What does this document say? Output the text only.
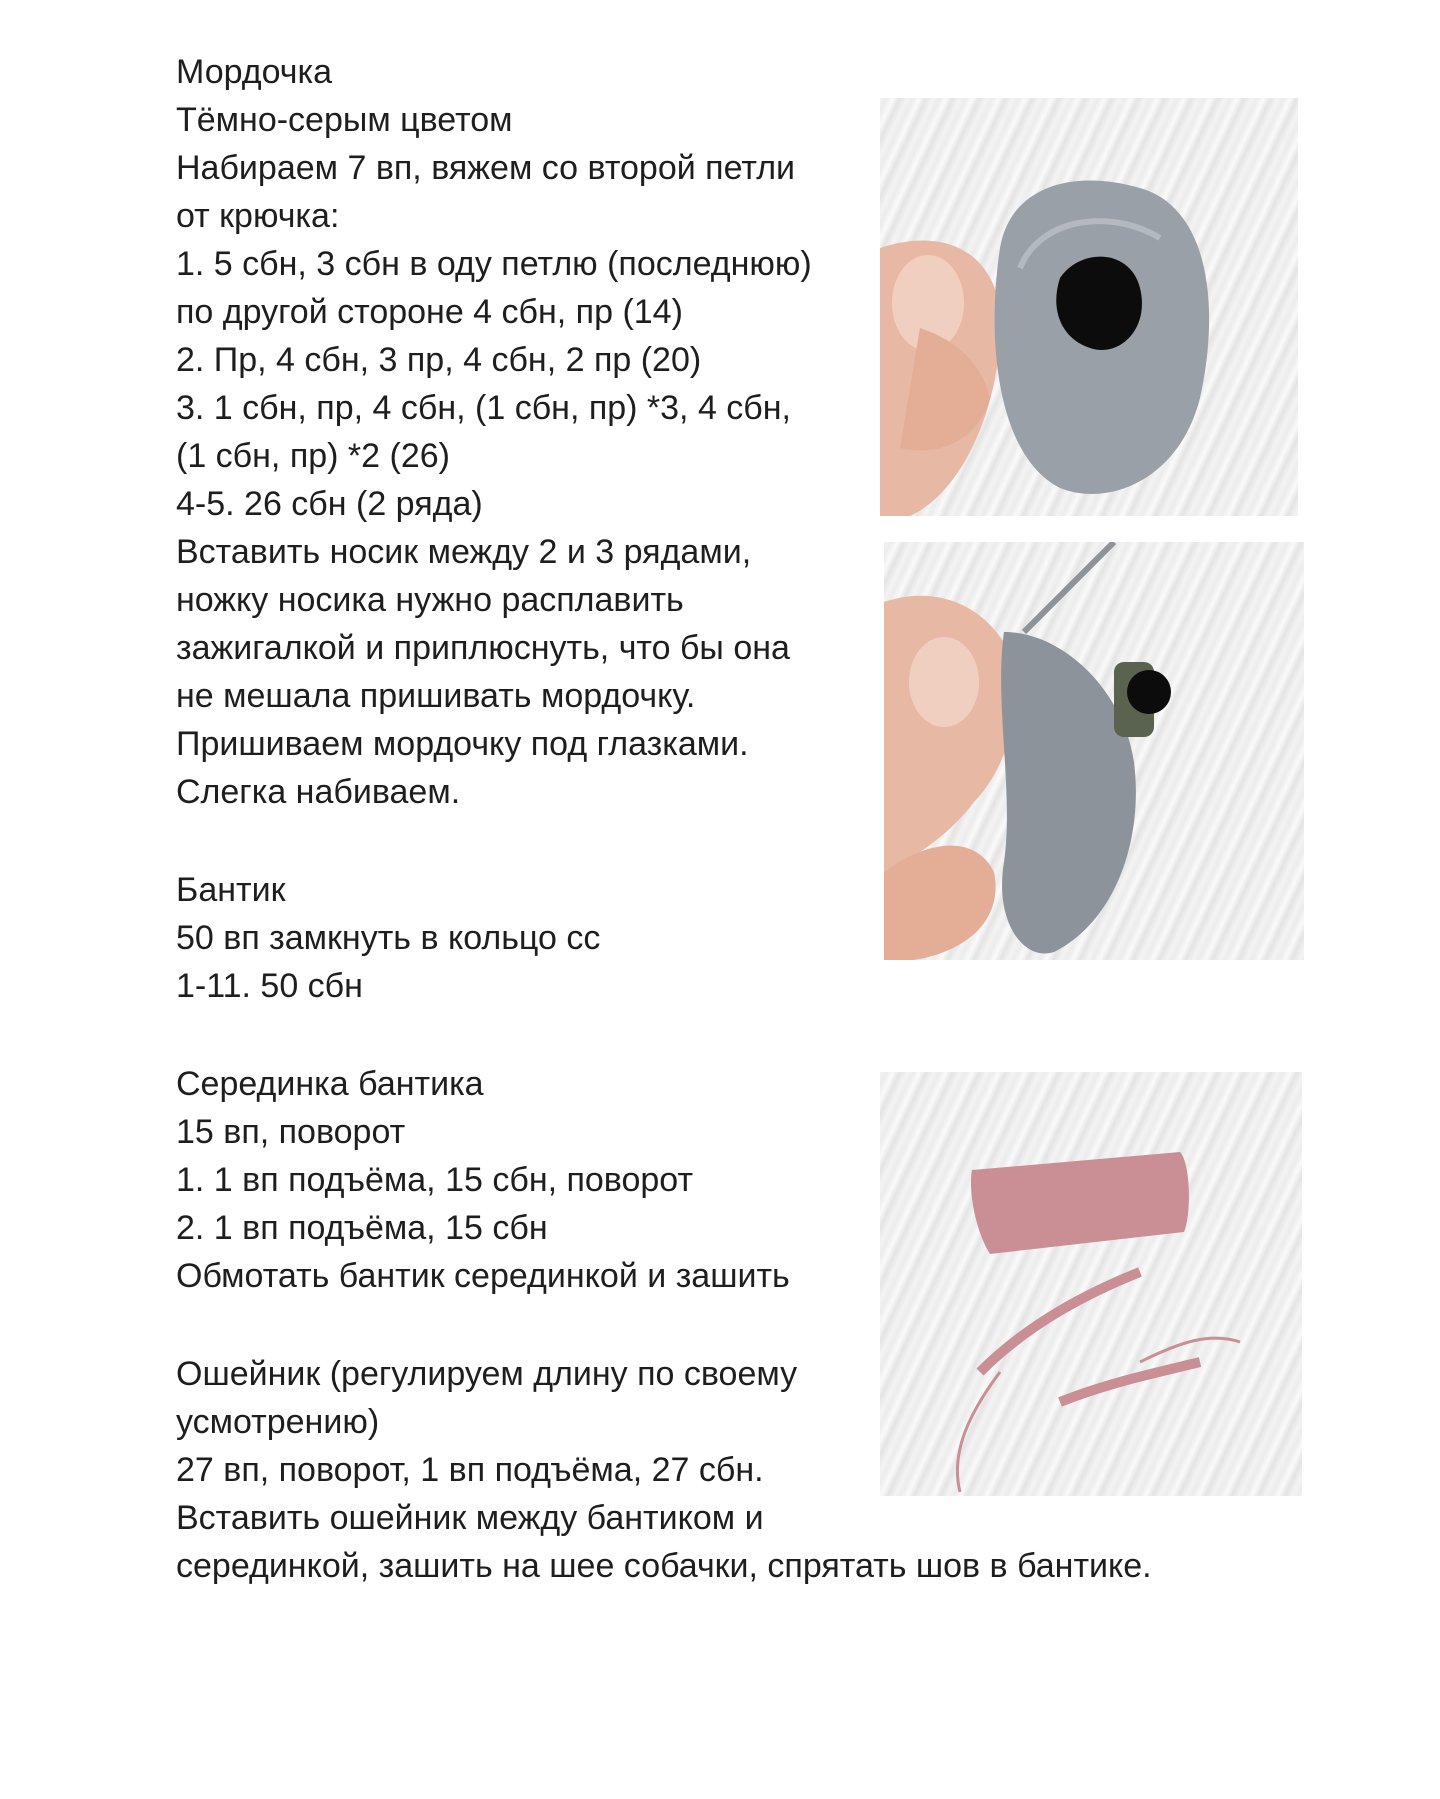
Мордочка
Тёмно-серым цветом
Набираем 7 вп, вяжем со второй петли
от крючка:
1. 5 сбн, 3 сбн в оду петлю (последнюю)
по другой стороне 4 сбн, пр (14)
2. Пр, 4 сбн, 3 пр, 4 сбн, 2 пр (20)
3. 1 сбн, пр, 4 сбн, (1 сбн, пр) *3, 4 сбн,
(1 сбн, пр) *2 (26)
4-5. 26 сбн (2 ряда)
Вставить носик между 2 и 3 рядами,
ножку носика нужно расплавить
зажигалкой и приплюснуть, что бы она
не мешала пришивать мордочку.
Пришиваем мордочку под глазками.
Слегка набиваем.
Бантик
50 вп замкнуть в кольцо сс
1-11. 50 сбн
Серединка бантика
15 вп, поворот
1. 1 вп подъёма, 15 сбн, поворот
2. 1 вп подъёма, 15 сбн
Обмотать бантик серединкой и зашить
Ошейник (регулируем длину по своему
усмотрению)
27 вп, поворот, 1 вп подъёма, 27 сбн.
Вставить ошейник между бантиком и
серединкой, зашить на шее собачки, спрятать шов в бантике.
